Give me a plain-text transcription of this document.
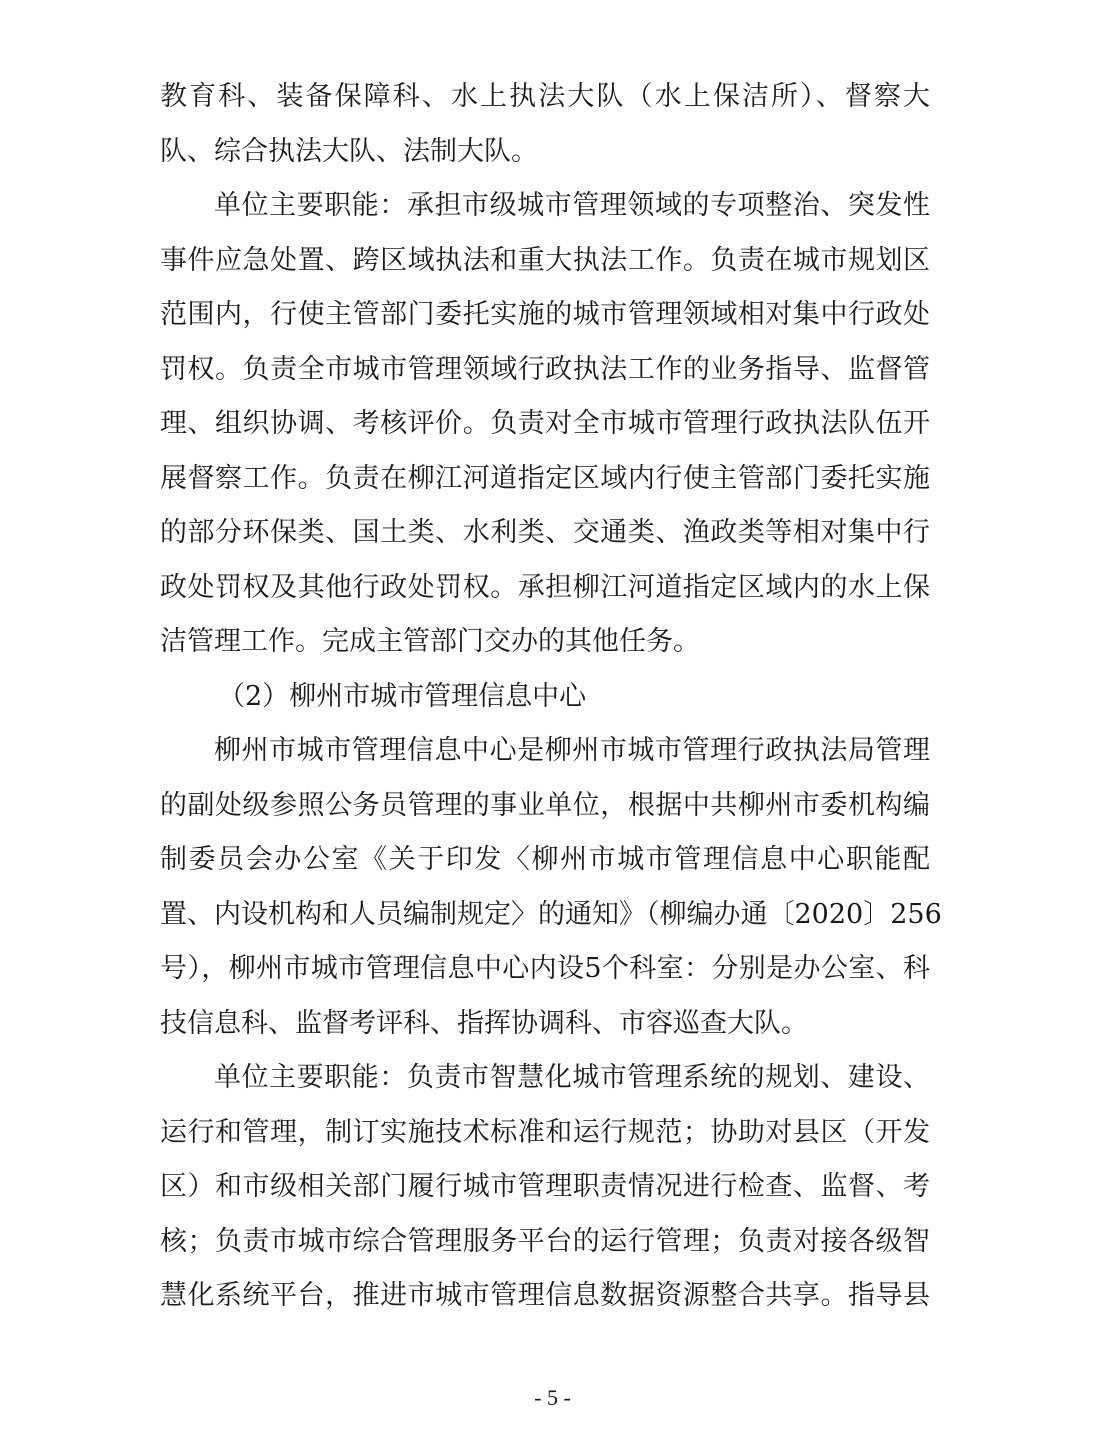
教育科、装备保障科、水上执法大队（水上保洁所）、督察大
队、综合执法大队、法制大队。
单位主要职能：承担市级城市管理领域的专项整治、突发性
事件应急处置、跨区域执法和重大执法工作。负责在城市规划区
范围内，行使主管部门委托实施的城市管理领域相对集中行政处
罚权。负责全市城市管理领域行政执法工作的业务指导、监督管
理、组织协调、考核评价。负责对全市城市管理行政执法队伍开
展督察工作。负责在柳江河道指定区域内行使主管部门委托实施
的部分环保类、国土类、水利类、交通类、渔政类等相对集中行
政处罚权及其他行政处罚权。承担柳江河道指定区域内的水上保
洁管理工作。完成主管部门交办的其他任务。
（2）柳州市城市管理信息中心
柳州市城市管理信息中心是柳州市城市管理行政执法局管理
的副处级参照公务员管理的事业单位，根据中共柳州市委机构编
制委员会办公室《关于印发〈柳州市城市管理信息中心职能配
置、内设机构和人员编制规定〉的通知》（柳编办通〔2020〕256
号），柳州市城市管理信息中心内设5个科室：分别是办公室、科
技信息科、监督考评科、指挥协调科、市容巡查大队。
单位主要职能：负责市智慧化城市管理系统的规划、建设、
运行和管理，制订实施技术标准和运行规范；协助对县区（开发
区）和市级相关部门履行城市管理职责情况进行检查、监督、考
核；负责市城市综合管理服务平台的运行管理；负责对接各级智
慧化系统平台，推进市城市管理信息数据资源整合共享。指导县
- 5 -
